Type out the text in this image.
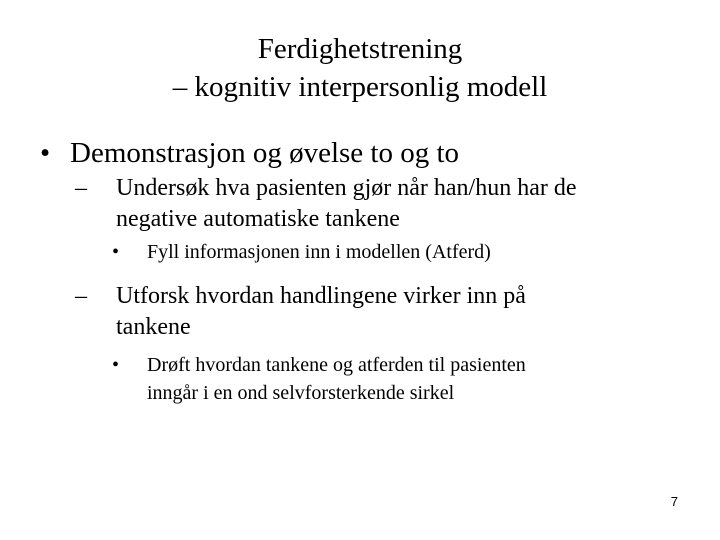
Ferdighetstrening
– kognitiv interpersonlig modell
• Demonstrasjon og øvelse to og to
– Undersøk hva pasienten gjør når han/hun har de
negative automatiske tankene
• Fyll informasjonen inn i modellen (Atferd)
– Utforsk hvordan handlingene virker inn på
tankene
• Drøft hvordan tankene og atferden til pasienten
inngår i en ond selvforsterkende sirkel
7
